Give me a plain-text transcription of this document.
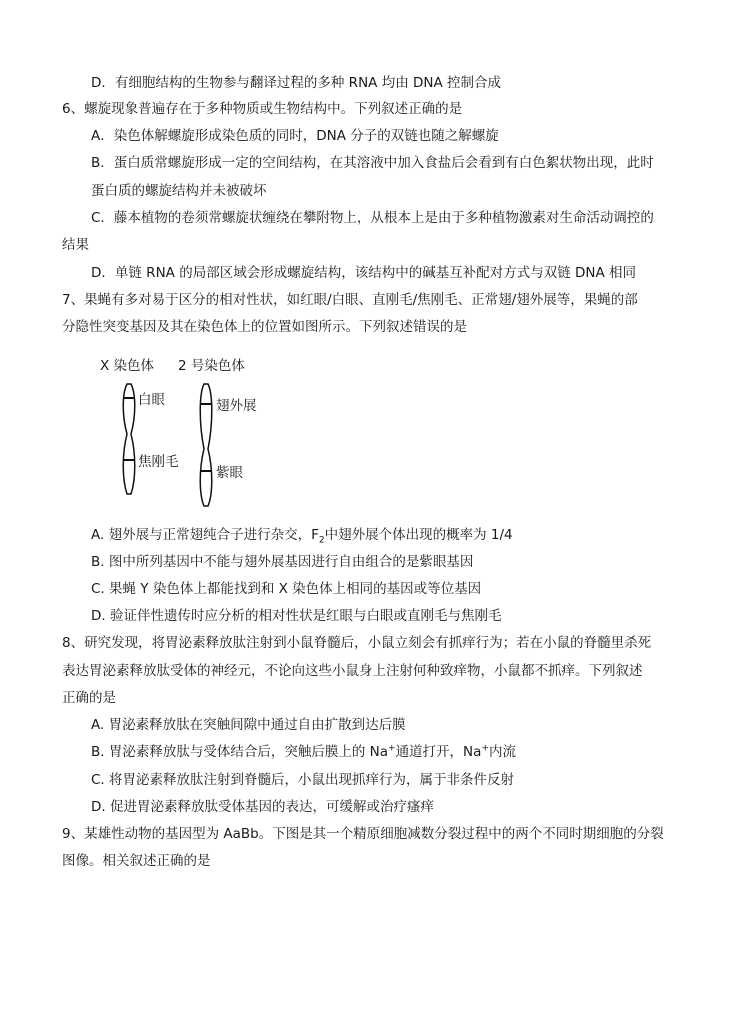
D．有细胞结构的生物参与翻译过程的多种 RNA 均由 DNA 控制合成
6、螺旋现象普遍存在于多种物质或生物结构中。下列叙述正确的是
A．染色体解螺旋形成染色质的同时，DNA 分子的双链也随之解螺旋
B．蛋白质常螺旋形成一定的空间结构，在其溶液中加入食盐后会看到有白色絮状物出现，此时
蛋白质的螺旋结构并未被破坏
C．藤本植物的卷须常螺旋状缠绕在攀附物上，从根本上是由于多种植物激素对生命活动调控的
结果
D．单链 RNA 的局部区域会形成螺旋结构，该结构中的碱基互补配对方式与双链 DNA 相同
7、果蝇有多对易于区分的相对性状，如红眼/白眼、直刚毛/焦刚毛、正常翅/翅外展等，果蝇的部
分隐性突变基因及其在染色体上的位置如图所示。下列叙述错误的是
X 染色体 2 号染色体
白眼
焦刚毛
翅外展
紫眼
A. 翅外展与正常翅纯合子进行杂交，$F_2$中翅外展个体出现的概率为 1/4
B. 图中所列基因中不能与翅外展基因进行自由组合的是紫眼基因
C. 果蝇 Y 染色体上都能找到和 X 染色体上相同的基因或等位基因
D. 验证伴性遗传时应分析的相对性状是红眼与白眼或直刚毛与焦刚毛
8、研究发现，将胃泌素释放肽注射到小鼠脊髓后，小鼠立刻会有抓痒行为；若在小鼠的脊髓里杀死
表达胃泌素释放肽受体的神经元，不论向这些小鼠身上注射何种致痒物，小鼠都不抓痒。下列叙述
正确的是
A. 胃泌素释放肽在突触间隙中通过自由扩散到达后膜
B. 胃泌素释放肽与受体结合后，突触后膜上的 Na+通道打开，Na+内流
C. 将胃泌素释放肽注射到脊髓后，小鼠出现抓痒行为，属于非条件反射
D. 促进胃泌素释放肽受体基因的表达，可缓解或治疗瘙痒
9、某雄性动物的基因型为 AaBb。下图是其一个精原细胞减数分裂过程中的两个不同时期细胞的分裂
图像。相关叙述正确的是
